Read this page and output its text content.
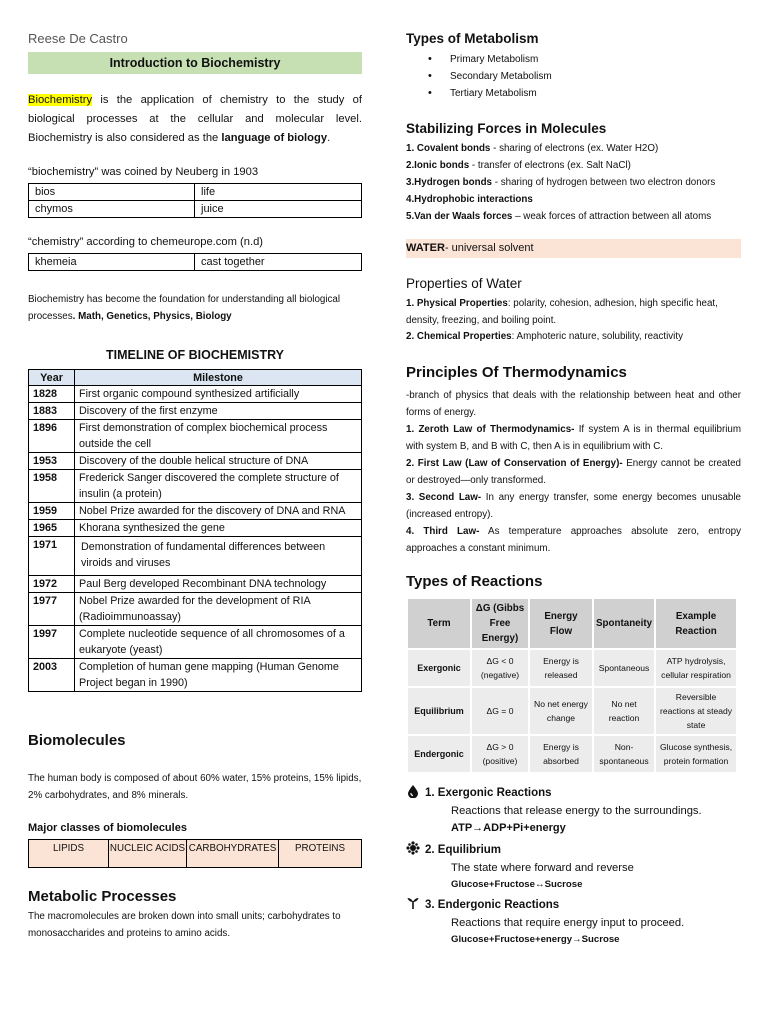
Reese De Castro
Introduction to Biochemistry
Biochemistry is the application of chemistry to the study of biological processes at the cellular and molecular level. Biochemistry is also considered as the language of biology.
“biochemistry” was coined by Neuberg in 1903
bios	life
chymos	juice
“chemistry” according to chemeurope.com (n.d)
khemeia	cast together
Biochemistry has become the foundation for understanding all biological processes. Math, Genetics, Physics, Biology
TIMELINE OF BIOCHEMISTRY
Year	Milestone
1828	First organic compound synthesized artificially
1883	Discovery of the first enzyme
1896	First demonstration of complex biochemical process outside the cell
1953	Discovery of the double helical structure of DNA
1958	Frederick Sanger discovered the complete structure of insulin (a protein)
1959	Nobel Prize awarded for the discovery of DNA and RNA
1965	Khorana synthesized the gene
1971	Demonstration of fundamental differences between viroids and viruses
1972	Paul Berg developed Recombinant DNA technology
1977	Nobel Prize awarded for the development of RIA (Radioimmunoassay)
1997	Complete nucleotide sequence of all chromosomes of a eukaryote (yeast)
2003	Completion of human gene mapping (Human Genome Project began in 1990)
Biomolecules
The human body is composed of about 60% water, 15% proteins, 15% lipids, 2% carbohydrates, and 8% minerals.
Major classes of biomolecules
LIPIDS	NUCLEIC ACIDS	CARBOHYDRATES	PROTEINS
Metabolic Processes
The macromolecules are broken down into small units; carbohydrates to monosaccharides and proteins to amino acids.
Types of Metabolism
• Primary Metabolism
• Secondary Metabolism
• Tertiary Metabolism
Stabilizing Forces in Molecules
1. Covalent bonds - sharing of electrons (ex. Water H2O)
2.Ionic bonds - transfer of electrons (ex. Salt NaCl)
3.Hydrogen bonds - sharing of hydrogen between two electron donors
4.Hydrophobic interactions
5.Van der Waals forces – weak forces of attraction between all atoms
WATER- universal solvent
Properties of Water
1. Physical Properties: polarity, cohesion, adhesion, high specific heat, density, freezing, and boiling point.
2. Chemical Properties: Amphoteric nature, solubility, reactivity
Principles Of Thermodynamics
-branch of physics that deals with the relationship between heat and other forms of energy.
1. Zeroth Law of Thermodynamics- If system A is in thermal equilibrium with system B, and B with C, then A is in equilibrium with C.
2. First Law (Law of Conservation of Energy)- Energy cannot be created or destroyed—only transformed.
3. Second Law- In any energy transfer, some energy becomes unusable (increased entropy).
4. Third Law- As temperature approaches absolute zero, entropy approaches a constant minimum.
Types of Reactions
Term	ΔG (Gibbs Free Energy)	Energy Flow	Spontaneity	Example Reaction
Exergonic	ΔG < 0 (negative)	Energy is released	Spontaneous	ATP hydrolysis, cellular respiration
Equilibrium	ΔG = 0	No net energy change	No net reaction	Reversible reactions at steady state
Endergonic	ΔG > 0 (positive)	Energy is absorbed	Non-spontaneous	Glucose synthesis, protein formation
1. Exergonic Reactions
Reactions that release energy to the surroundings.
ATP→ADP+Pi+energy
2. Equilibrium
The state where forward and reverse
Glucose+Fructose↔Sucrose
3. Endergonic Reactions
Reactions that require energy input to proceed.
Glucose+Fructose+energy→Sucrose
